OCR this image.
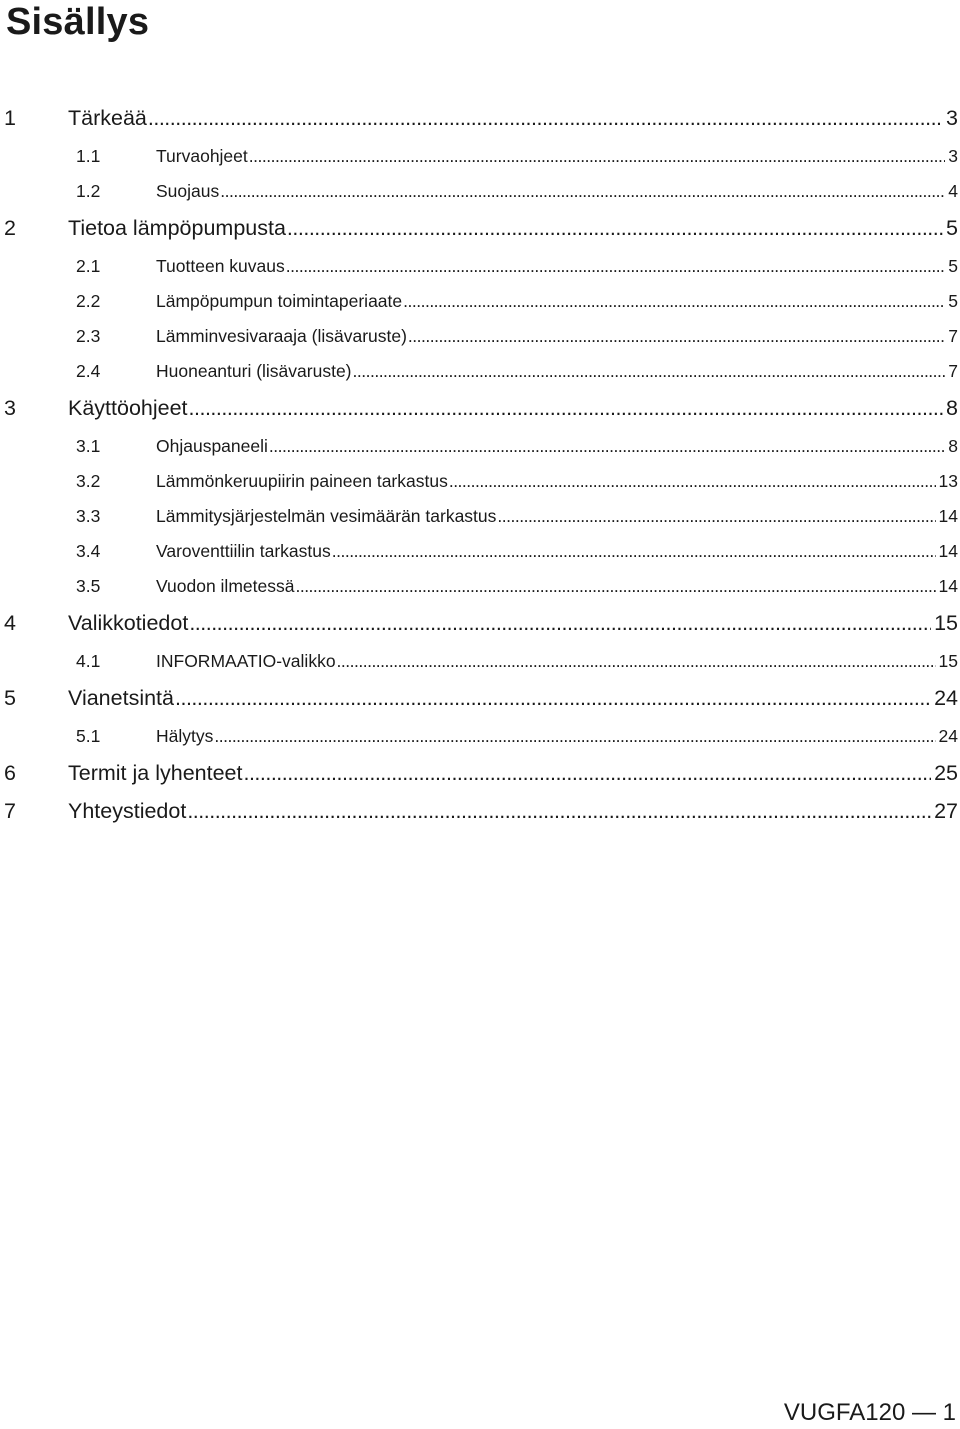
Sisällys
1	Tärkeää .....	3
1.1	Turvaohjeet .....	3
1.2	Suojaus .....	4
2	Tietoa lämpöpumpusta .....	5
2.1	Tuotteen kuvaus .....	5
2.2	Lämpöpumpun toimintaperiaate .....	5
2.3	Lämminvesivaraaja (lisävaruste) .....	7
2.4	Huoneanturi (lisävaruste) .....	7
3	Käyttöohjeet .....	8
3.1	Ohjauspaneeli .....	8
3.2	Lämmönkeruupiirin paineen tarkastus .....	13
3.3	Lämmitysjärjestelmän vesimäärän tarkastus .....	14
3.4	Varoventtiilin tarkastus .....	14
3.5	Vuodon ilmetessä .....	14
4	Valikkotiedot .....	15
4.1	INFORMAATIO-valikko .....	15
5	Vianetsintä .....	24
5.1	Hälytys .....	24
6	Termit ja lyhenteet .....	25
7	Yhteystiedot .....	27
VUGFA120 — 1
